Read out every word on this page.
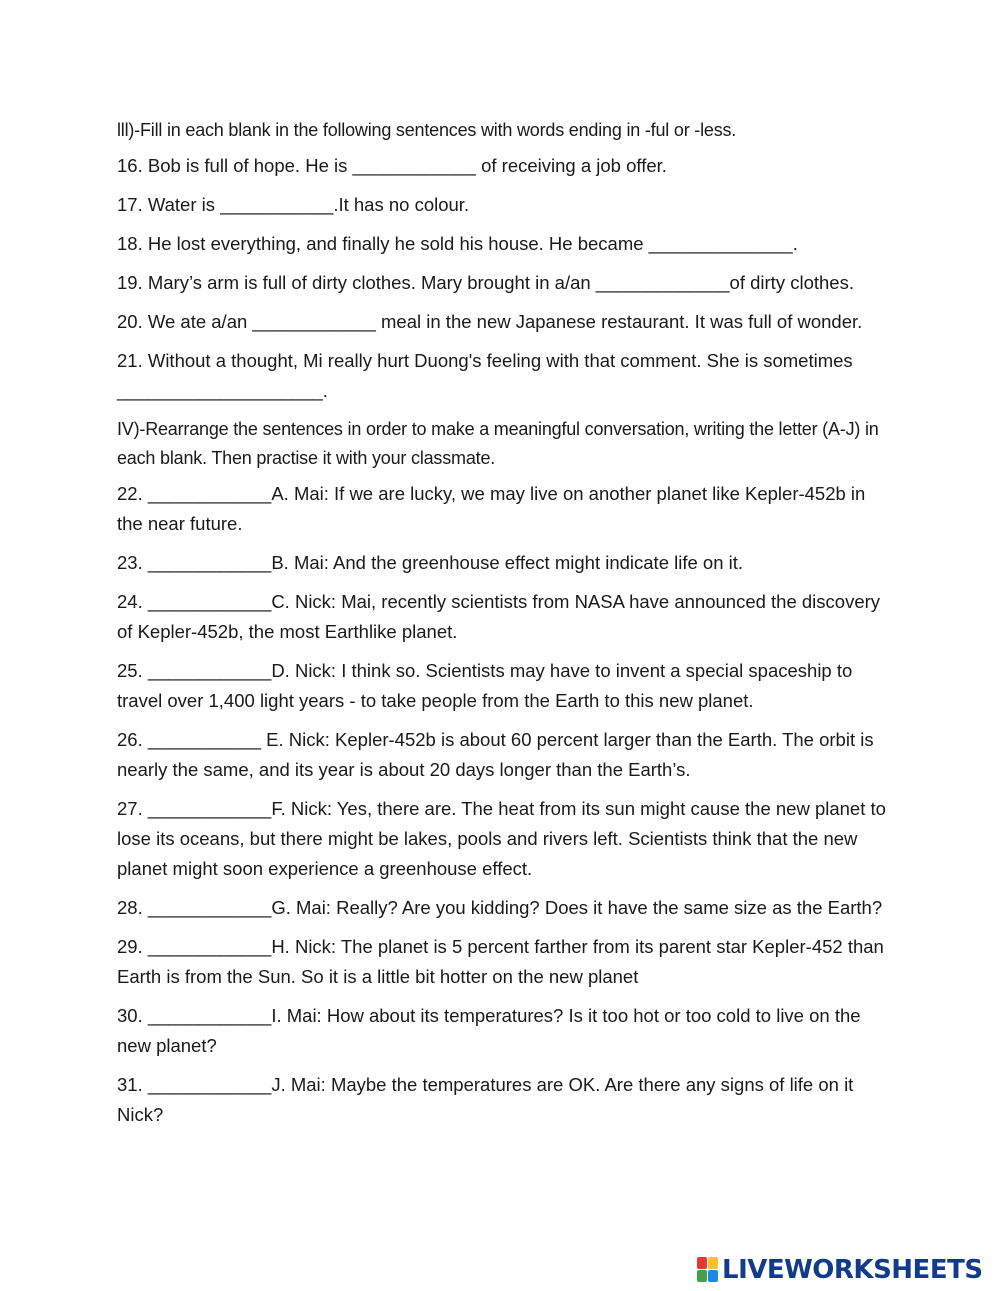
lll)-Fill in each blank in the following sentences with words ending in -ful or -less.

16. Bob is full of hope. He is ____________ of receiving a job offer.

17. Water is ___________.It has no colour.

18. He lost everything, and finally he sold his house. He became ______________.

19. Mary’s arm is full of dirty clothes. Mary brought in a/an _____________of dirty clothes.

20. We ate a/an ____________ meal in the new Japanese restaurant. It was full of wonder.

21. Without a thought, Mi really hurt Duong's feeling with that comment. She is sometimes ____________________.

IV)-Rearrange the sentences in order to make a meaningful conversation, writing the letter (A-J) in each blank. Then practise it with your classmate.

22. ____________A. Mai: If we are lucky, we may live on another planet like Kepler-452b in the near future.

23. ____________B. Mai: And the greenhouse effect might indicate life on it.

24. ____________C. Nick: Mai, recently scientists from NASA have announced the discovery of Kepler-452b, the most Earthlike planet.

25. ____________D. Nick: I think so. Scientists may have to invent a special spaceship to travel over 1,400 light years - to take people from the Earth to this new planet.

26. ___________ E. Nick: Kepler-452b is about 60 percent larger than the Earth. The orbit is nearly the same, and its year is about 20 days longer than the Earth’s.

27. ____________F. Nick: Yes, there are. The heat from its sun might cause the new planet to lose its oceans, but there might be lakes, pools and rivers left. Scientists think that the new planet might soon experience a greenhouse effect.

28. ____________G. Mai: Really? Are you kidding? Does it have the same size as the Earth?

29. ____________H. Nick: The planet is 5 percent farther from its parent star Kepler-452 than Earth is from the Sun. So it is a little bit hotter on the new planet

30. ____________I. Mai: How about its temperatures? Is it too hot or too cold to live on the new planet?

31. ____________J. Mai: Maybe the temperatures are OK. Are there any signs of life on it Nick?

LIVEWORKSHEETS
